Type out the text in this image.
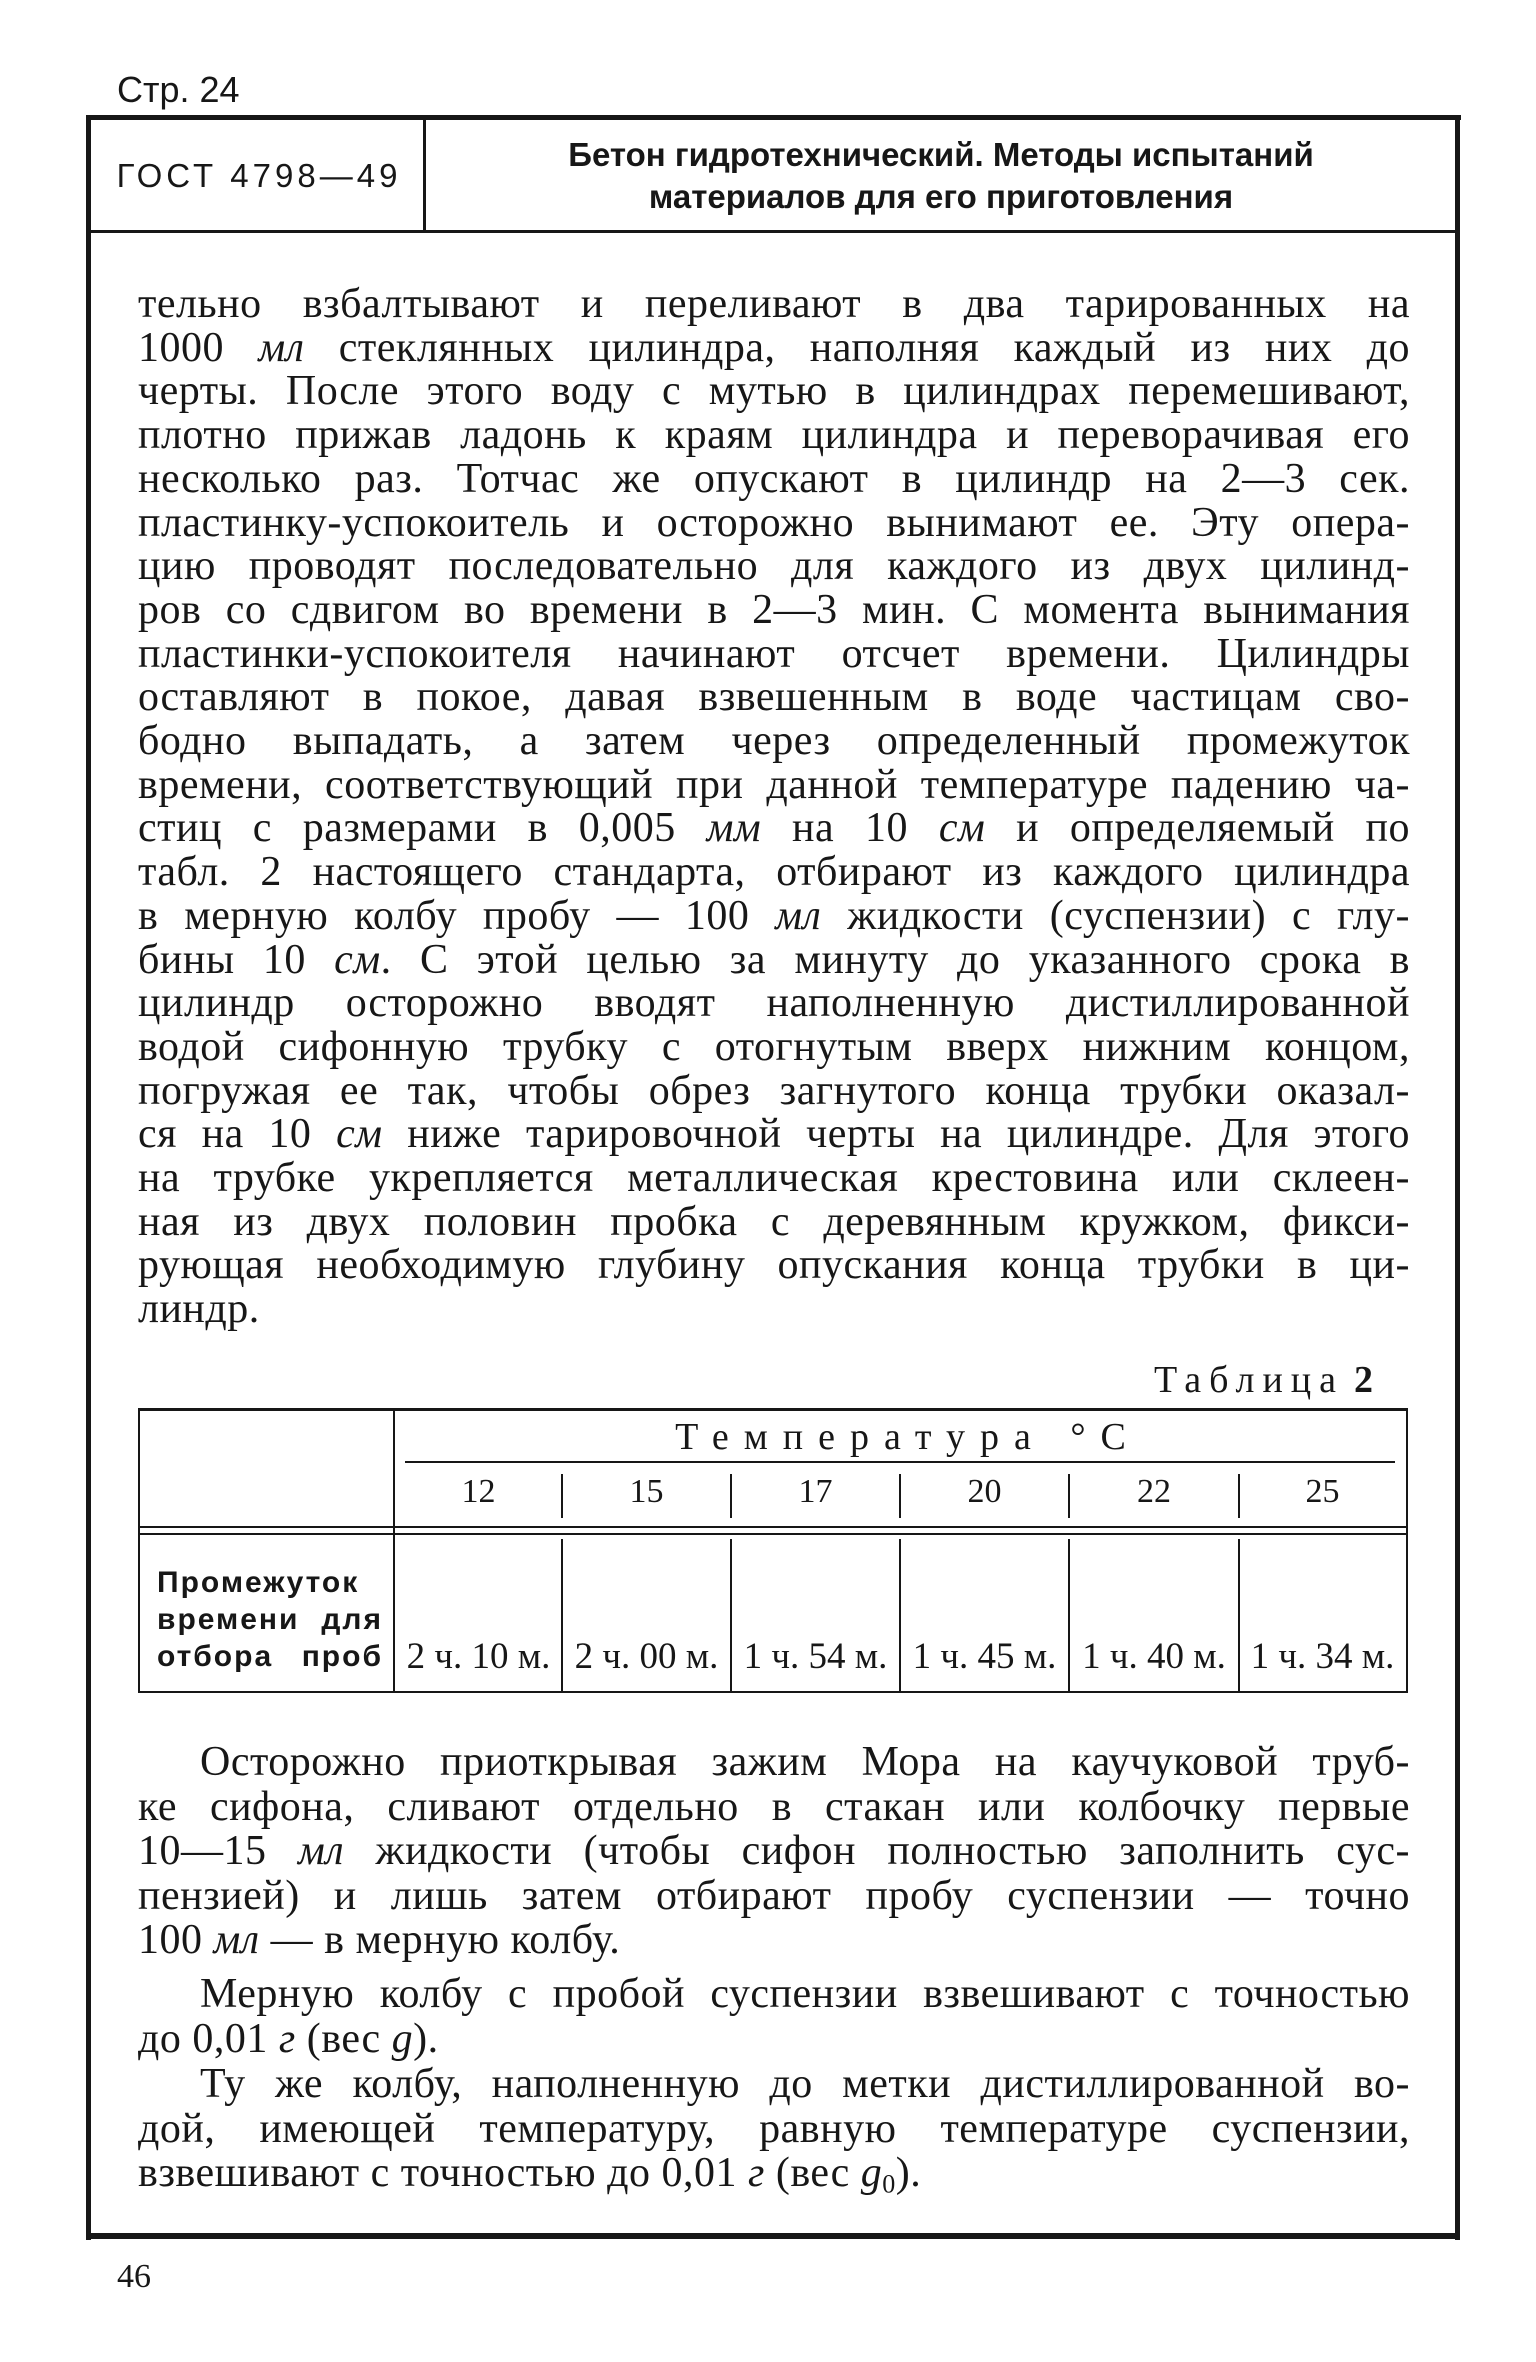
Стр. 24
ГОСТ 4798—49
Бетон гидротехнический. Методы испытаний
материалов для его приготовления
тельно взбалтывают и переливают в два тарированных на
1000 мл стеклянных цилиндра, наполняя каждый из них до
черты. После этого воду с мутью в цилиндрах перемешивают,
плотно прижав ладонь к краям цилиндра и переворачивая его
несколько раз. Тотчас же опускают в цилиндр на 2—3 сек.
пластинку-успокоитель и осторожно вынимают ее. Эту опера-
цию проводят последовательно для каждого из двух цилинд-
ров со сдвигом во времени в 2—3 мин. С момента вынимания
пластинки-успокоителя начинают отсчет времени. Цилиндры
оставляют в покое, давая взвешенным в воде частицам сво-
бодно выпадать, а затем через определенный промежуток
времени, соответствующий при данной температуре падению ча-
стиц с размерами в 0,005 мм на 10 см и определяемый по
табл. 2 настоящего стандарта, отбирают из каждого цилиндра
в мерную колбу пробу — 100 мл жидкости (суспензии) с глу-
бины 10 см. С этой целью за минуту до указанного срока в
цилиндр осторожно вводят наполненную дистиллированной
водой сифонную трубку с отогнутым вверх нижним концом,
погружая ее так, чтобы обрез загнутого конца трубки оказал-
ся на 10 см ниже тарировочной черты на цилиндре. Для этого
на трубке укрепляется металлическая крестовина или склеен-
ная из двух половин пробка с деревянным кружком, фикси-
рующая необходимую глубину опускания конца трубки в ци-
линдр.
Таблица 2
Температура °С
12	15	17	20	22	25
Промежуток
времени для
отбора проб 2 ч. 10 м. 2 ч. 00 м. 1 ч. 54 м. 1 ч. 45 м. 1 ч. 40 м. 1 ч. 34 м.
Осторожно приоткрывая зажим Мора на каучуковой труб-
ке сифона, сливают отдельно в стакан или колбочку первые
10—15 мл жидкости (чтобы сифон полностью заполнить сус-
пензией) и лишь затем отбирают пробу суспензии — точно
100 мл — в мерную колбу.
Мерную колбу с пробой суспензии взвешивают с точностью
до 0,01 г (вес g).
Ту же колбу, наполненную до метки дистиллированной во-
дой, имеющей температуру, равную температуре суспензии,
взвешивают с точностью до 0,01 г (вес $g_0$).
46
